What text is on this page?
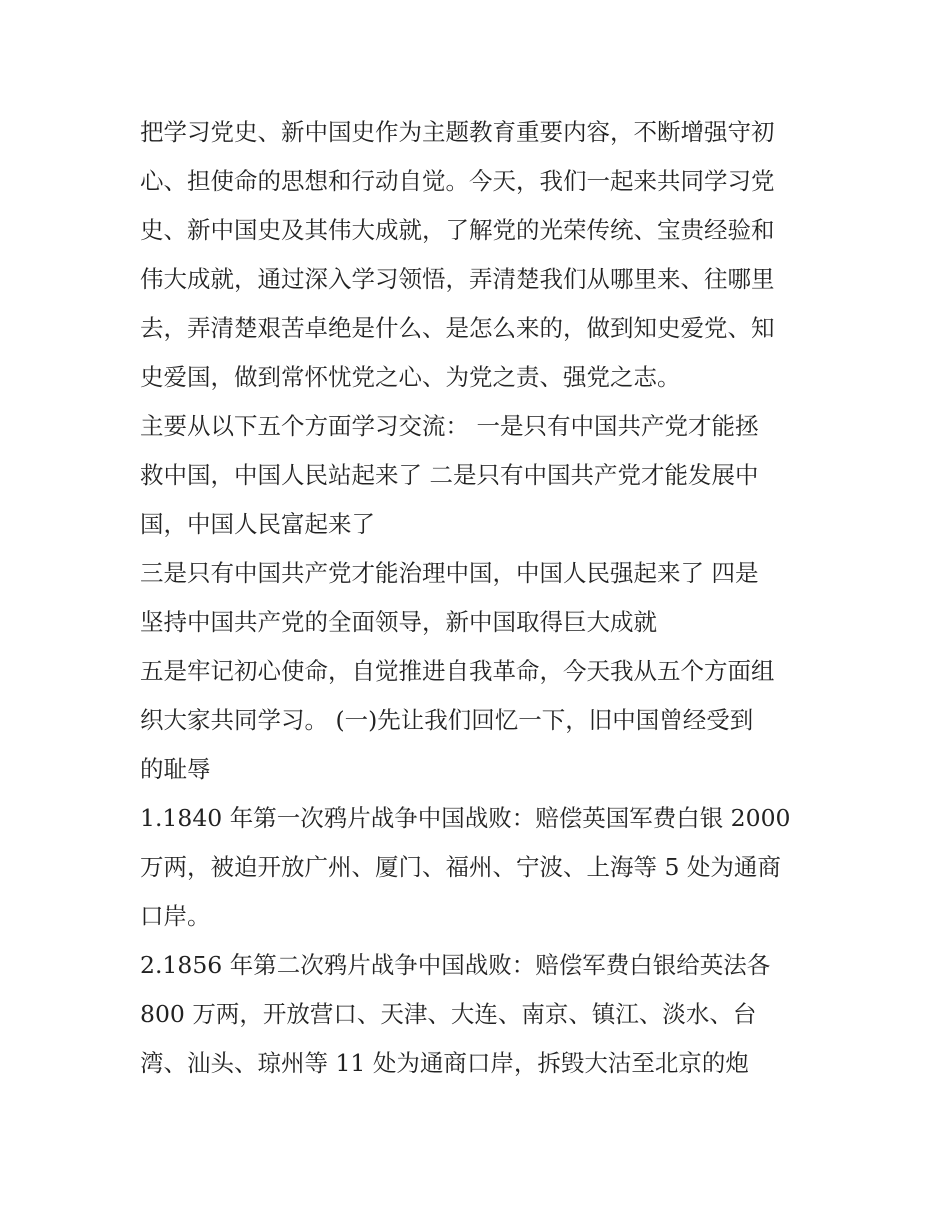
把学习党史、新中国史作为主题教育重要内容，不断增强守初

心、担使命的思想和行动自觉。今天，我们一起来共同学习党

史、新中国史及其伟大成就，了解党的光荣传统、宝贵经验和

伟大成就，通过深入学习领悟，弄清楚我们从哪里来、往哪里

去，弄清楚艰苦卓绝是什么、是怎么来的，做到知史爱党、知

史爱国，做到常怀忧党之心、为党之责、强党之志。

主要从以下五个方面学习交流： 一是只有中国共产党才能拯

救中国，中国人民站起来了 二是只有中国共产党才能发展中

国，中国人民富起来了

三是只有中国共产党才能治理中国，中国人民强起来了 四是

坚持中国共产党的全面领导，新中国取得巨大成就

五是牢记初心使命，自觉推进自我革命，今天我从五个方面组

织大家共同学习。 (一)先让我们回忆一下，旧中国曾经受到

的耻辱

1.1840 年第一次鸦片战争中国战败：赔偿英国军费白银 2000

万两，被迫开放广州、厦门、福州、宁波、上海等 5 处为通商

口岸。

2.1856 年第二次鸦片战争中国战败：赔偿军费白银给英法各

800 万两，开放营口、天津、大连、南京、镇江、淡水、台

湾、汕头、琼州等 11 处为通商口岸，拆毁大沽至北京的炮
